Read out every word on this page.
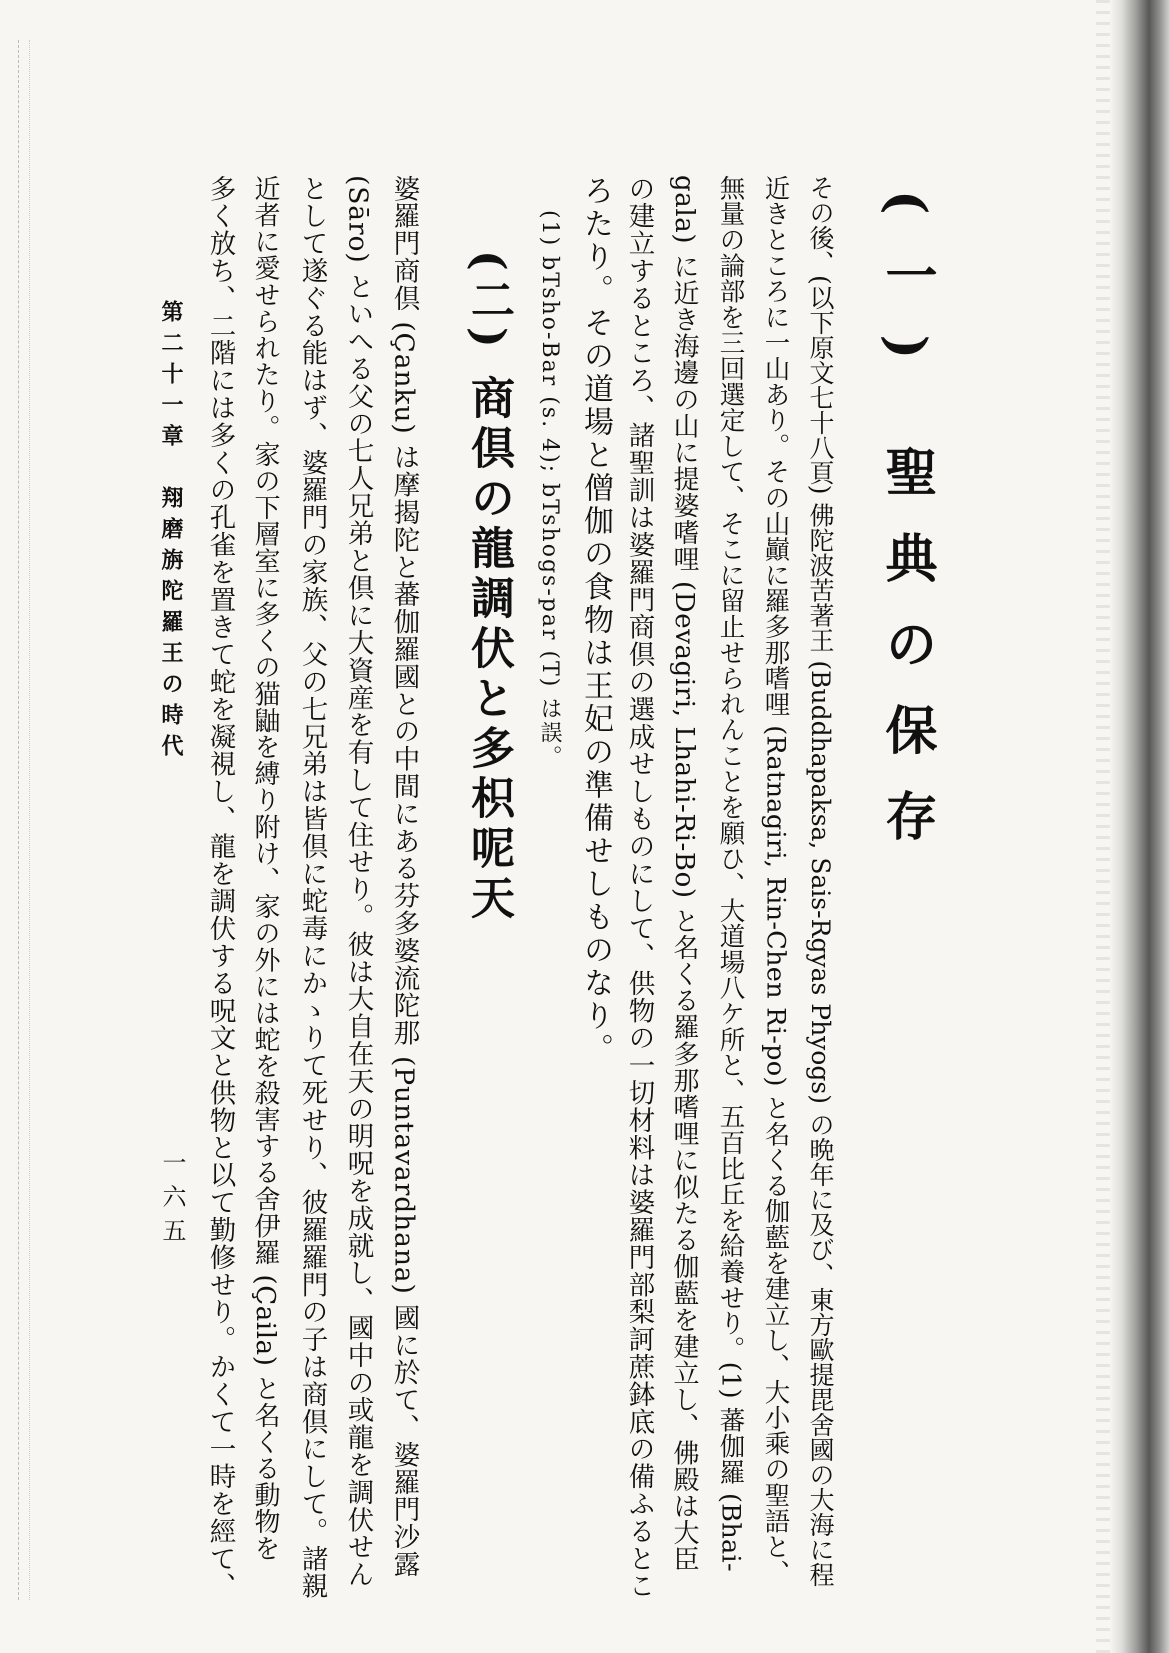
(一) 聖典の保存
その後、(以下原文七十八頁) 佛陀波苦著王 (Buddhapaksa, Sais-Rgyas Phyogs) の晩年に及び、東方歐提毘舍國の大海に程
近きところに一山あり。その山巓に羅多那嗜哩 (Ratnagiri, Rin-Chen Ri-po) と名くる伽藍を建立し、大小乘の聖語と、
無量の論部を三回選定して、そこに留止せられんことを願ひ、大道場八ケ所と、五百比丘を給養せり。(1) 蕃伽羅 (Bhai-
gala) に近き海邊の山に提婆嗜哩 (Devagiri, Lhahi-Ri-Bo) と名くる羅多那嗜哩に似たる伽藍を建立し、佛殿は大臣
の建立するところ、諸聖訓は婆羅門商倶の選成せしものにして、供物の一切材料は婆羅門部梨訶蔗鉢底の備ふるとこ
ろたり。その道場と僧伽の食物は王妃の準備せしものなり。
(1) bTsho-Bar (s. 4); bTshogs-par (T) は誤。
(二) 商倶の龍調伏と多枳呢天
婆羅門商倶 (Çanku) は摩揭陀と蕃伽羅國との中間にある芬多婆流陀那 (Puntavardhana) 國に於て、婆羅門沙露
(Sāro) といへる父の七人兄弟と倶に大資産を有して住せり。彼は大自在天の明呪を成就し、國中の或龍を調伏せん
として遂ぐる能はず、婆羅門の家族、父の七兄弟は皆倶に蛇毒にかゝりて死せり、彼羅羅門の子は商倶にして。諸親
近者に愛せられたり。家の下層室に多くの猫鼬を縛り附け、家の外には蛇を殺害する舍伊羅 (Çaila) と名くる動物を
多く放ち、二階には多くの孔雀を置きて蛇を凝視し、龍を調伏する呪文と供物と以て勤修せり。かくて一時を經て、
第二十一章　翔磨旃陀羅王の時代
一六五
